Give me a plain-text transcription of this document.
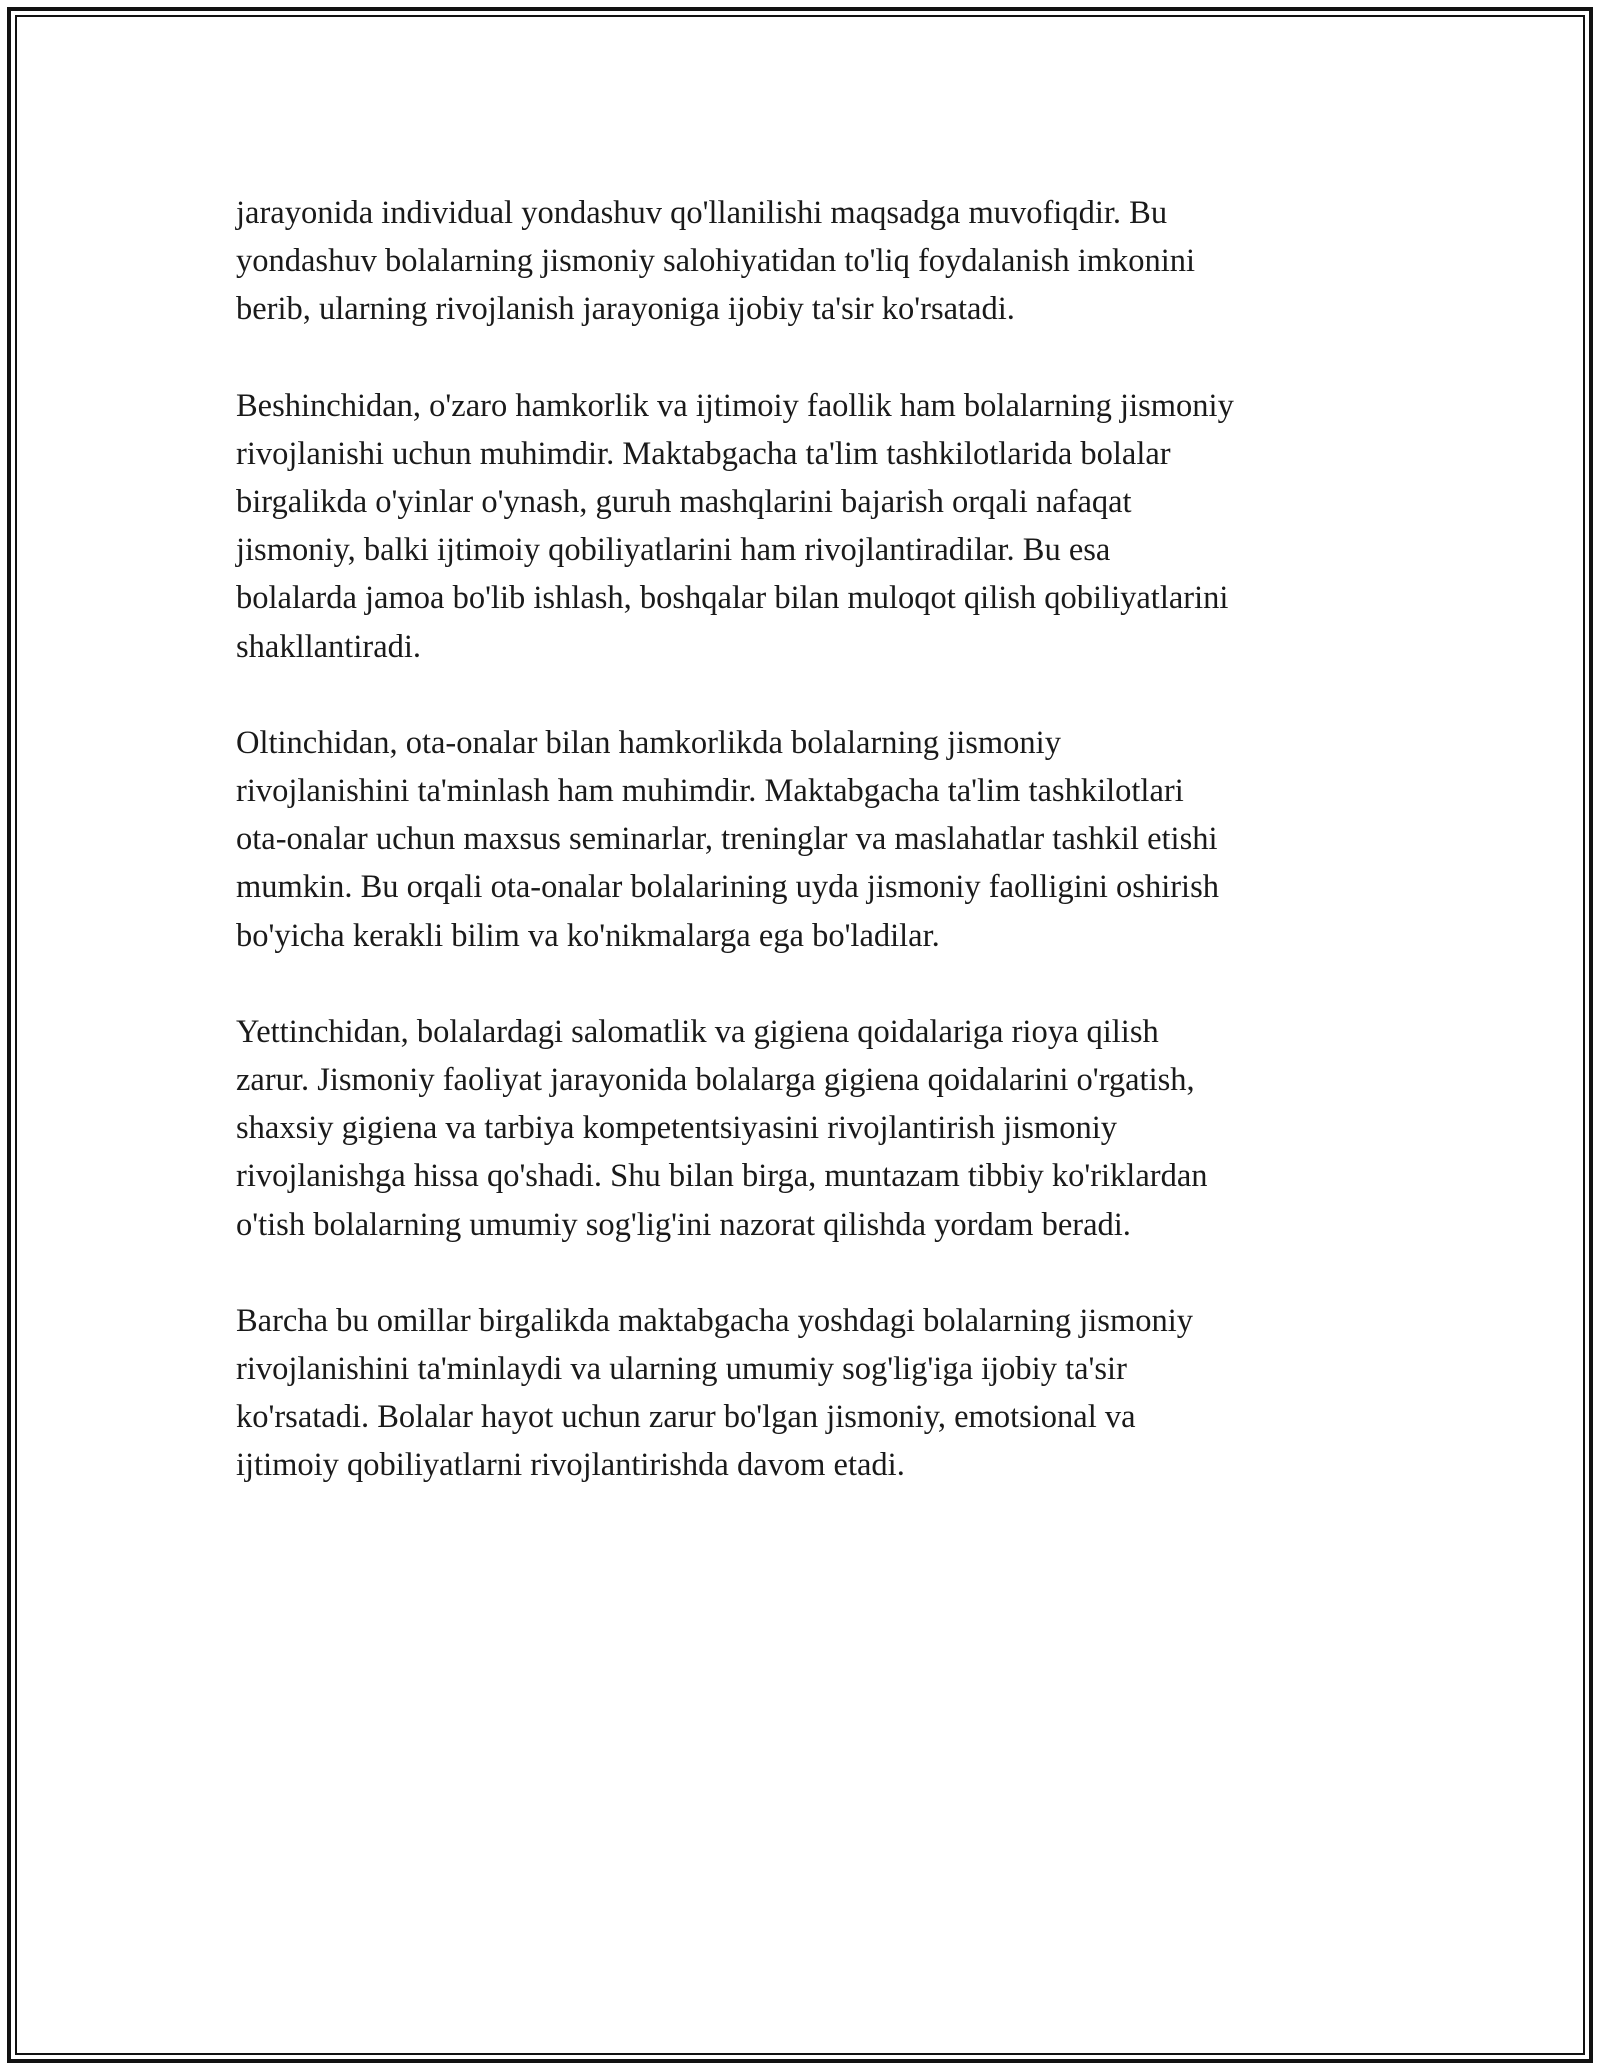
jarayonida individual yondashuv qo'llanilishi maqsadga muvofiqdir. Bu
yondashuv bolalarning jismoniy salohiyatidan to'liq foydalanish imkonini
berib, ularning rivojlanish jarayoniga ijobiy ta'sir ko'rsatadi.

Beshinchidan, o'zaro hamkorlik va ijtimoiy faollik ham bolalarning jismoniy
rivojlanishi uchun muhimdir. Maktabgacha ta'lim tashkilotlarida bolalar
birgalikda o'yinlar o'ynash, guruh mashqlarini bajarish orqali nafaqat
jismoniy, balki ijtimoiy qobiliyatlarini ham rivojlantiradilar. Bu esa
bolalarda jamoa bo'lib ishlash, boshqalar bilan muloqot qilish qobiliyatlarini
shakllantiradi.

Oltinchidan, ota-onalar bilan hamkorlikda bolalarning jismoniy
rivojlanishini ta'minlash ham muhimdir. Maktabgacha ta'lim tashkilotlari
ota-onalar uchun maxsus seminarlar, treninglar va maslahatlar tashkil etishi
mumkin. Bu orqali ota-onalar bolalarining uyda jismoniy faolligini oshirish
bo'yicha kerakli bilim va ko'nikmalarga ega bo'ladilar.

Yettinchidan, bolalardagi salomatlik va gigiena qoidalariga rioya qilish
zarur. Jismoniy faoliyat jarayonida bolalarga gigiena qoidalarini o'rgatish,
shaxsiy gigiena va tarbiya kompetentsiyasini rivojlantirish jismoniy
rivojlanishga hissa qo'shadi. Shu bilan birga, muntazam tibbiy ko'riklardan
o'tish bolalarning umumiy sog'lig'ini nazorat qilishda yordam beradi.

Barcha bu omillar birgalikda maktabgacha yoshdagi bolalarning jismoniy
rivojlanishini ta'minlaydi va ularning umumiy sog'lig'iga ijobiy ta'sir
ko'rsatadi. Bolalar hayot uchun zarur bo'lgan jismoniy, emotsional va
ijtimoiy qobiliyatlarni rivojlantirishda davom etadi.
